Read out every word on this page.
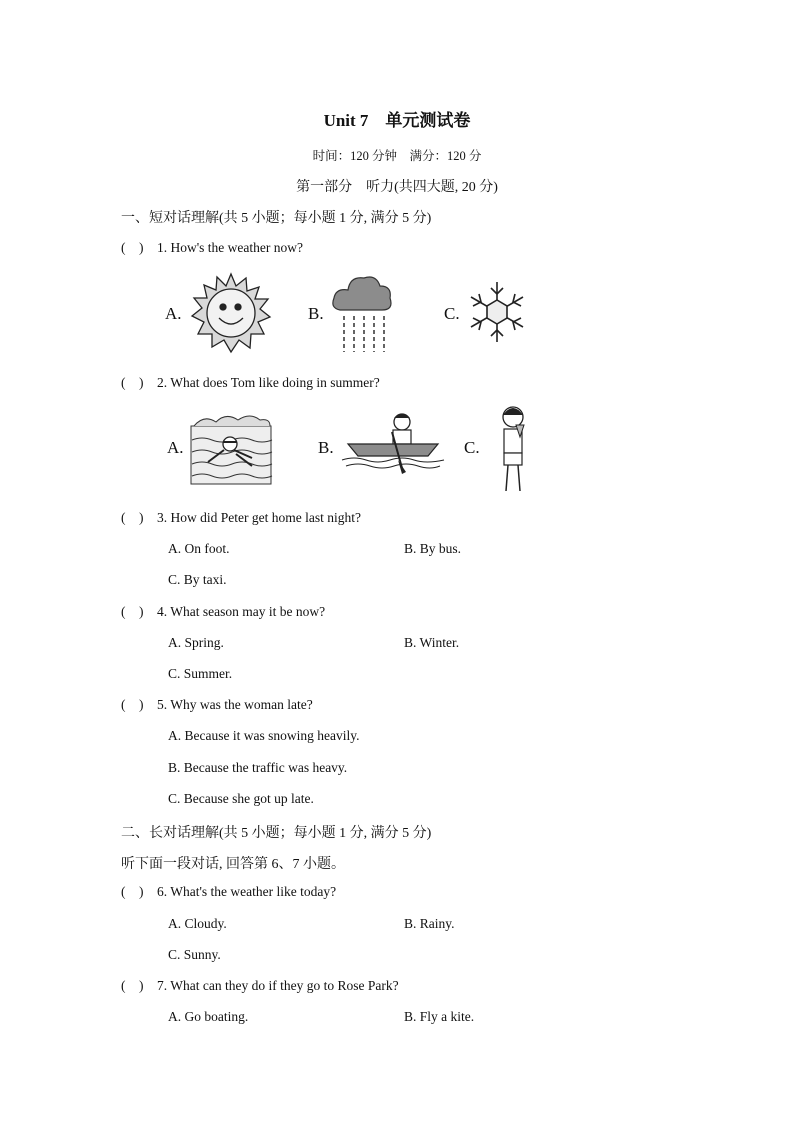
Unit 7　单元测试卷
时间：120 分钟　满分：120 分
第一部分　听力(共四大题, 20 分)
一、短对话理解(共 5 小题；每小题 1 分, 满分 5 分)
( ) 1. How's the weather now?
A.	B.	C.
( ) 2. What does Tom like doing in summer?
A.	B.	C.
( ) 3. How did Peter get home last night?
A. On foot.	B. By bus.
C. By taxi.
( ) 4. What season may it be now?
A. Spring.	B. Winter.
C. Summer.
( ) 5. Why was the woman late?
A. Because it was snowing heavily.
B. Because the traffic was heavy.
C. Because she got up late.
二、长对话理解(共 5 小题；每小题 1 分, 满分 5 分)
听下面一段对话, 回答第 6、7 小题。
( ) 6. What's the weather like today?
A. Cloudy.	B. Rainy.
C. Sunny.
( ) 7. What can they do if they go to Rose Park?
A. Go boating.	B. Fly a kite.
